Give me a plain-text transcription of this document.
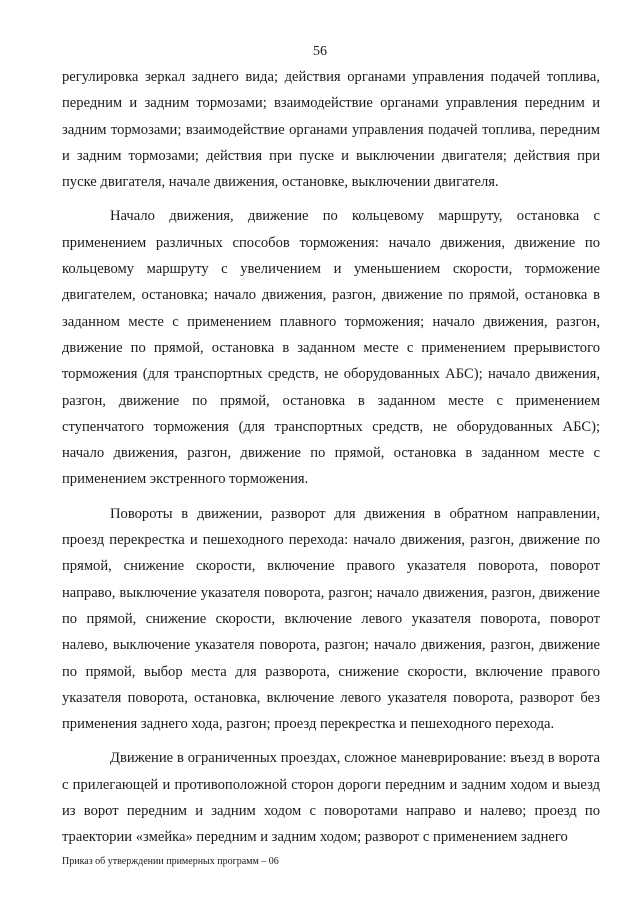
56

регулировка зеркал заднего вида; действия органами управления подачей топлива, передним и задним тормозами; взаимодействие органами управления передним и задним тормозами; взаимодействие органами управления подачей топлива, передним и задним тормозами; действия при пуске и выключении двигателя; действия при пуске двигателя, начале движения, остановке, выключении двигателя.

Начало движения, движение по кольцевому маршруту, остановка с применением различных способов торможения: начало движения, движение по кольцевому маршруту с увеличением и уменьшением скорости, торможение двигателем, остановка; начало движения, разгон, движение по прямой, остановка в заданном месте с применением плавного торможения; начало движения, разгон, движение по прямой, остановка в заданном месте с применением прерывистого торможения (для транспортных средств, не оборудованных АБС); начало движения, разгон, движение по прямой, остановка в заданном месте с применением ступенчатого торможения (для транспортных средств, не оборудованных АБС); начало движения, разгон, движение по прямой, остановка в заданном месте с применением экстренного торможения.

Повороты в движении, разворот для движения в обратном направлении, проезд перекрестка и пешеходного перехода: начало движения, разгон, движение по прямой, снижение скорости, включение правого указателя поворота, поворот направо, выключение указателя поворота, разгон; начало движения, разгон, движение по прямой, снижение скорости, включение левого указателя поворота, поворот налево, выключение указателя поворота, разгон; начало движения, разгон, движение по прямой, выбор места для разворота, снижение скорости, включение правого указателя поворота, остановка, включение левого указателя поворота, разворот без применения заднего хода, разгон; проезд перекрестка и пешеходного перехода.

Движение в ограниченных проездах, сложное маневрирование: въезд в ворота с прилегающей и противоположной сторон дороги передним и задним ходом и выезд из ворот передним и задним ходом с поворотами направо и налево; проезд по траектории «змейка» передним и задним ходом; разворот с применением заднего

Приказ об утверждении примерных программ – 06
